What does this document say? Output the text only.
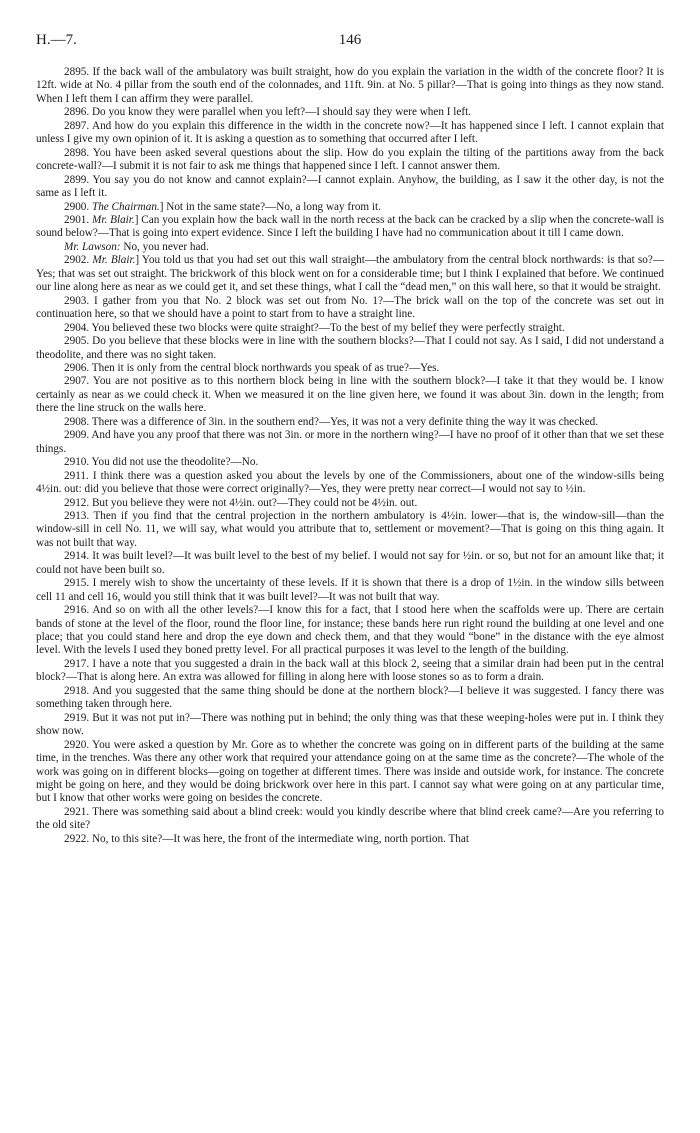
H.—7.	146

2895. If the back wall of the ambulatory was built straight, how do you explain the variation in the width of the concrete floor? It is 12ft. wide at No. 4 pillar from the south end of the colonnades, and 11ft. 9in. at No. 5 pillar?—That is going into things as they now stand. When I left them I can affirm they were parallel.

2896. Do you know they were parallel when you left?—I should say they were when I left.

2897. And how do you explain this difference in the width in the concrete now?—It has happened since I left. I cannot explain that unless I give my own opinion of it. It is asking a question as to something that occurred after I left.

2898. You have been asked several questions about the slip. How do you explain the tilting of the partitions away from the back concrete-wall?—I submit it is not fair to ask me things that happened since I left. I cannot answer them.

2899. You say you do not know and cannot explain?—I cannot explain. Anyhow, the building, as I saw it the other day, is not the same as I left it.

2900. The Chairman.] Not in the same state?—No, a long way from it.

2901. Mr. Blair.] Can you explain how the back wall in the north recess at the back can be cracked by a slip when the concrete-wall is sound below?—That is going into expert evidence. Since I left the building I have had no communication about it till I came down.

Mr. Lawson: No, you never had.

2902. Mr. Blair.] You told us that you had set out this wall straight—the ambulatory from the central block northwards: is that so?—Yes; that was set out straight. The brickwork of this block went on for a considerable time; but I think I explained that before. We continued our line along here as near as we could get it, and set these things, what I call the “dead men,” on this wall here, so that it would be straight.

2903. I gather from you that No. 2 block was set out from No. 1?—The brick wall on the top of the concrete was set out in continuation here, so that we should have a point to start from to have a straight line.

2904. You believed these two blocks were quite straight?—To the best of my belief they were perfectly straight.

2905. Do you believe that these blocks were in line with the southern blocks?—That I could not say. As I said, I did not understand a theodolite, and there was no sight taken.

2906. Then it is only from the central block northwards you speak of as true?—Yes.

2907. You are not positive as to this northern block being in line with the southern block?—I take it that they would be. I know certainly as near as we could check it. When we measured it on the line given here, we found it was about 3in. down in the length; from there the line struck on the walls here.

2908. There was a difference of 3in. in the southern end?—Yes, it was not a very definite thing the way it was checked.

2909. And have you any proof that there was not 3in. or more in the northern wing?—I have no proof of it other than that we set these things.

2910. You did not use the theodolite?—No.

2911. I think there was a question asked you about the levels by one of the Commissioners, about one of the window-sills being 4½in. out: did you believe that those were correct originally?—Yes, they were pretty near correct—I would not say to ½in.

2912. But you believe they were not 4½in. out?—They could not be 4½in. out.

2913. Then if you find that the central projection in the northern ambulatory is 4½in. lower—that is, the window-sill—than the window-sill in cell No. 11, we will say, what would you attribute that to, settlement or movement?—That is going on this thing again. It was not built that way.

2914. It was built level?—It was built level to the best of my belief. I would not say for ½in. or so, but not for an amount like that; it could not have been built so.

2915. I merely wish to show the uncertainty of these levels. If it is shown that there is a drop of 1½in. in the window sills between cell 11 and cell 16, would you still think that it was built level?—It was not built that way.

2916. And so on with all the other levels?—I know this for a fact, that I stood here when the scaffolds were up. There are certain bands of stone at the level of the floor, round the floor line, for instance; these bands here run right round the building at one level and one place; that you could stand here and drop the eye down and check them, and that they would “bone” in the distance with the eye almost level. With the levels I used they boned pretty level. For all practical purposes it was level to the length of the building.

2917. I have a note that you suggested a drain in the back wall at this block 2, seeing that a similar drain had been put in the central block?—That is along here. An extra was allowed for filling in along here with loose stones so as to form a drain.

2918. And you suggested that the same thing should be done at the northern block?—I believe it was suggested. I fancy there was something taken through here.

2919. But it was not put in?—There was nothing put in behind; the only thing was that these weeping-holes were put in. I think they show now.

2920. You were asked a question by Mr. Gore as to whether the concrete was going on in different parts of the building at the same time, in the trenches. Was there any other work that required your attendance going on at the same time as the concrete?—The whole of the work was going on in different blocks—going on together at different times. There was inside and outside work, for instance. The concrete might be going on here, and they would be doing brickwork over here in this part. I cannot say what were going on at any particular time, but I know that other works were going on besides the concrete.

2921. There was something said about a blind creek: would you kindly describe where that blind creek came?—Are you referring to the old site?

2922. No, to this site?—It was here, the front of the intermediate wing, north portion. That
